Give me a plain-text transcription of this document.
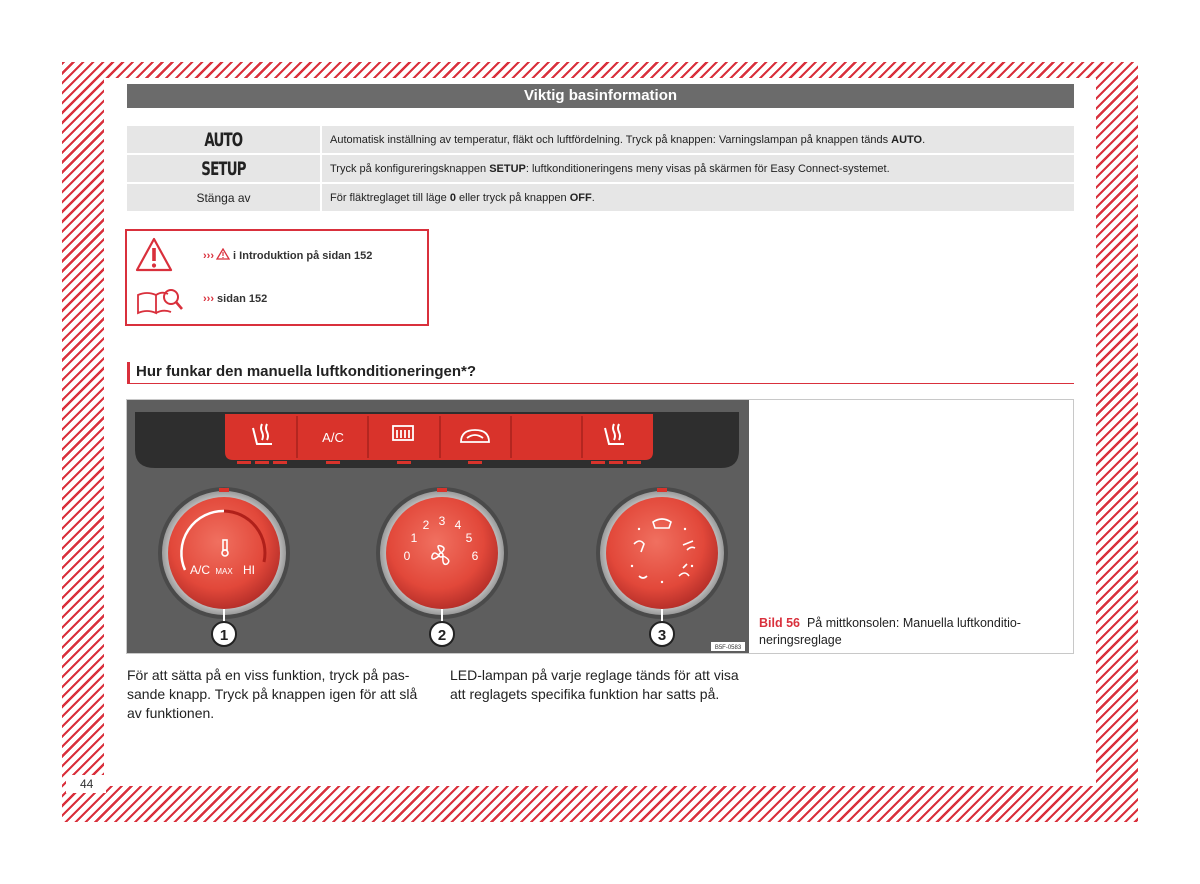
44
Viktig basinformation
AUTO	Automatisk inställning av temperatur, fläkt och luftfördelning. Tryck på knappen: Varningslampan på knappen tänds AUTO.
SETUP	Tryck på konfigureringsknappen SETUP: luftkonditioneringens meny visas på skärmen för Easy Connect-systemet.
Stänga av	För fläktreglaget till läge 0 eller tryck på knappen OFF.
››› i Introduktion på sidan 152
››› sidan 152
Hur funkar den manuella luftkonditioneringen*?
A/C
A/C MAX HI
0
1
2 3 4
5
6
1	2	3
B5F-0583
Bild 56 På mittkonsolen: Manuella luftkonditio-neringsreglage
För att sätta på en viss funktion, tryck på pas-sande knapp. Tryck på knappen igen för att slå av funktionen.
LED-lampan på varje reglage tänds för att visa att reglagets specifika funktion har satts på.
